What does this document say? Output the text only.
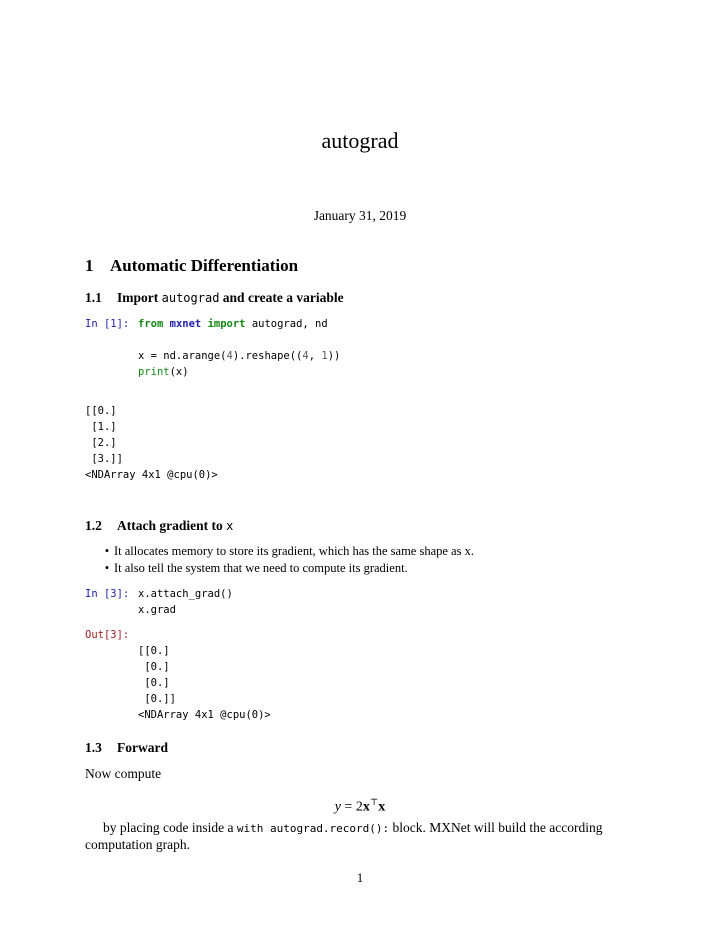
autograd
January 31, 2019
1 Automatic Differentiation
1.1 Import autograd and create a variable
In [1]: from mxnet import autograd, nd
x = nd.arange(4).reshape((4, 1))
print(x)
[[0.]
[1.]
[2.]
[3.]]
<NDArray 4x1 @cpu(0)>
1.2 Attach gradient to x
• It allocates memory to store its gradient, which has the same shape as x.
• It also tell the system that we need to compute its gradient.
In [3]: x.attach_grad()
x.grad
Out[3]:
[[0.]
[0.]
[0.]
[0.]]
<NDArray 4x1 @cpu(0)>
1.3 Forward
Now compute
y = 2x⊤x
by placing code inside a with autograd.record(): block. MXNet will build the according
computation graph.
1
